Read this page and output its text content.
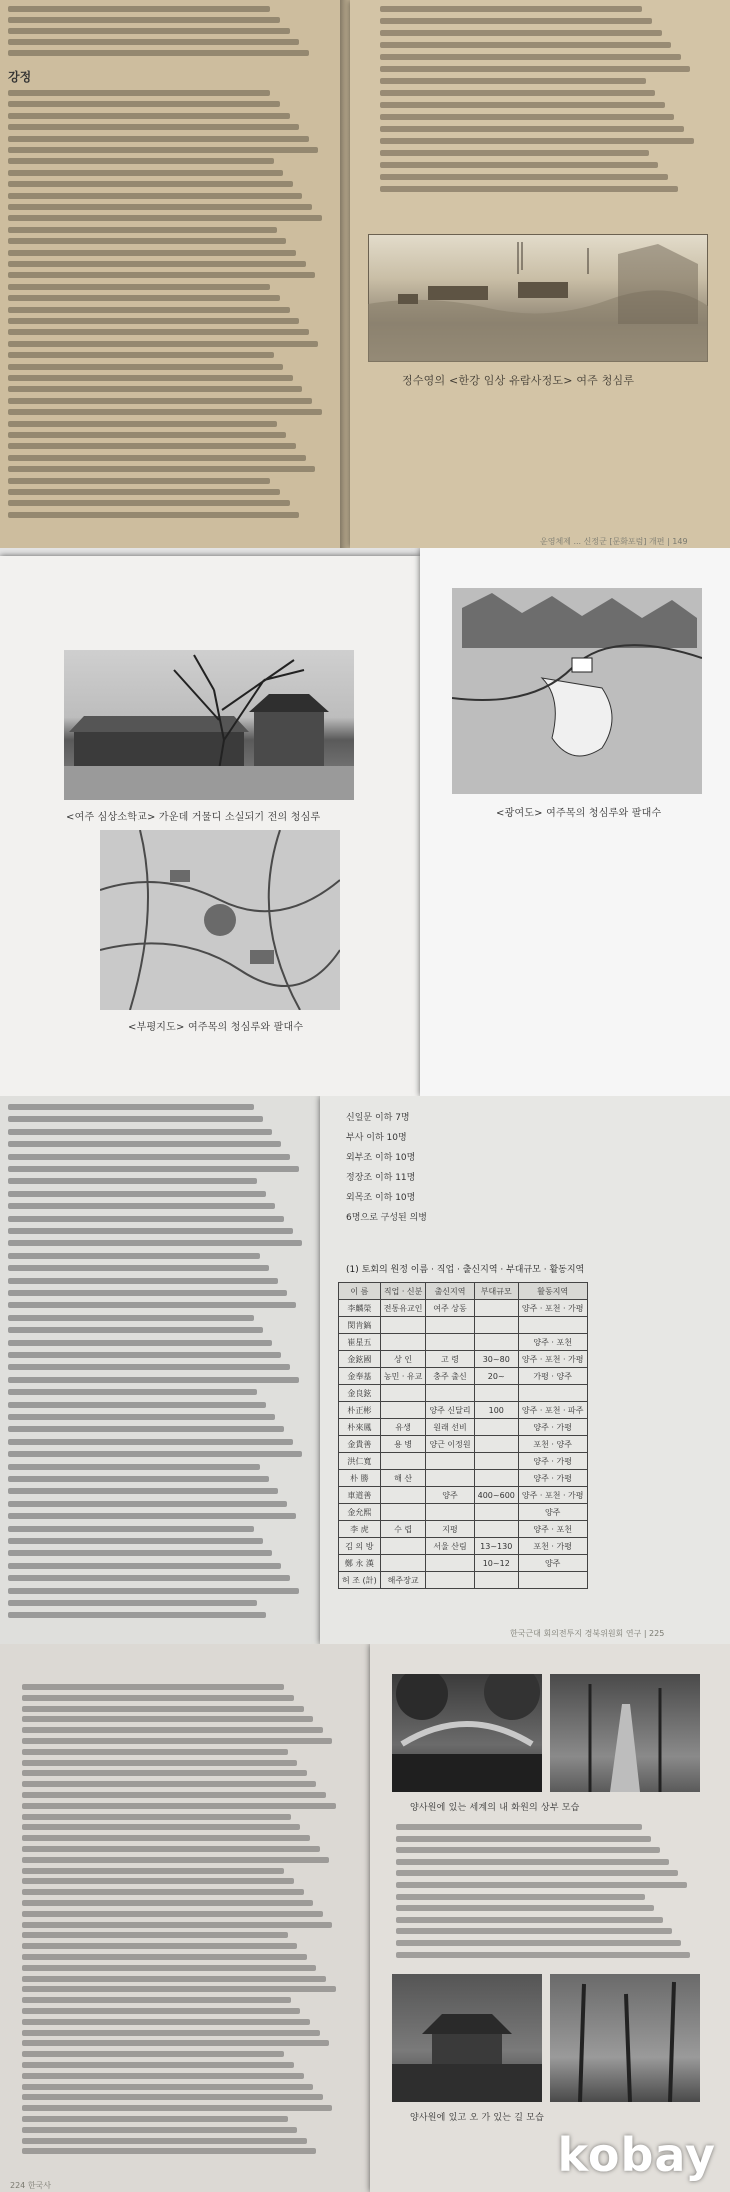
강정
정수영의 <한강 임상 유람사정도> 여주 청심루
운영체제 ... 신정군 [문화포럼] 개편 | 149
<여주 심상소학교> 가운데 거물디 소실되기 전의 청심루
<부평지도> 여주목의 청심루와 팔대수
<광여도> 여주목의 청심루와 팔대수
신일문 이하 7명
부사 이하 10명
외부조 이하 10명
정장조 이하 11명
외목조 이하 10명
6명으로 구성된 의병
(1) 토회의 원정 이름 · 직업 · 출신지역 · 부대규모 · 활동지역
이 름	직업 · 신분	출신지역	부대규모	활동지역
李麟榮	전통유교인	여주 상동		양주 · 포천 · 가평
閔肯鎬				
崔星五				양주 · 포천
金鉉國	상 인	고 령	30~80	양주 · 포천 · 가평
金奉基	농민 · 유교	충주 출신	20~	가평 · 양주
金良鉉				
朴正彬		양주 신달리	100	양주 · 포천 · 파주
朴來鳳	유생	원래 선비		양주 · 가평
金貴善	용 병	양근 이정원		포천 · 양주
洪仁寬				양주 · 가평
朴 勝	해 산			양주 · 가평
車道善		양주	400~600	양주 · 포천 · 가평
金允熙				양주
李 虎	수 렵	지평		양주 · 포천
김 의 방		서울 산림	13~130	포천 · 가평
鄭 永 漢			10~12	양주
허 조 (計)	해주장교			
한국근대 회의전투지 경북위원회 연구 | 225
224 한국사
양사원에 있는 세계의 내 화원의 상부 모습
양사원에 있고 오 가 있는 길 모습
kobay
